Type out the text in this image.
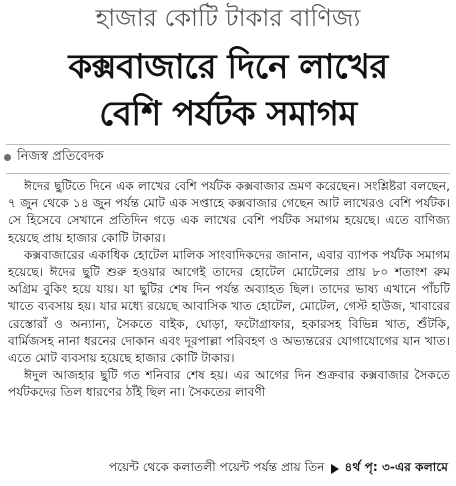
হাজার কোটি টাকার বাণিজ্য
কক্সবাজারে দিনে লাখের
বেশি পর্যটক সমাগম
নিজস্ব প্রতিবেদক

ঈদের ছুটিতে দিনে এক লাখের বেশি পর্যটক কক্সবাজার ভ্রমণ করেছেন। সংশ্লিষ্টরা বলছেন, ৭ জুন থেকে ১৪ জুন পর্যন্ত মোট এক সপ্তাহে কক্সবাজার গেছেন আট লাখেরও বেশি পর্যটক। সে হিসেবে সেখানে প্রতিদিন গড়ে এক লাখের বেশি পর্যটক সমাগম হয়েছে। এতে বাণিজ্য হয়েছে প্রায় হাজার কোটি টাকার।

কক্সবাজারের একাধিক হোটেল মালিক সাংবাদিকদের জানান, এবার ব্যাপক পর্যটক সমাগম হয়েছে। ঈদের ছুটি শুরু হওয়ার আগেই তাদের হোটেল মোটেলের প্রায় ৮০ শতাংশ রুম অগ্রিম বুকিং হয়ে যায়। যা ছুটির শেষ দিন পর্যন্ত অব্যাহত ছিল। তাদের ভাষ্য এখানে পাঁচটি খাতে ব্যবসায় হয়। যার মধ্যে রয়েছে আবাসিক খাত হোটেল, মোটেল, গেস্ট হাউজ, খাবারের রেস্তোরাঁ ও অন্যান্য, সৈকতে বাইক, ঘোড়া, ফটোগ্রাফার, হকারসহ বিভিন্ন খাত, শুঁটকি, বার্মিজসহ নানা ধরনের দোকান এবং দূরপাল্লা পরিবহণ ও অভ্যন্তরের যোগাযোগের যান খাত। এতে মোট ব্যবসায় হয়েছে হাজার কোটি টাকার।

ঈদুল আজহার ছুটি গত শনিবার শেষ হয়। এর আগের দিন শুক্রবার কক্সবাজার সৈকতে পর্যটকদের তিল ধারণের ঠাঁই ছিল না। সৈকতের লাবণী

পয়েন্ট থেকে কলাতলী পয়েন্ট পর্যন্ত প্রায় তিন ৪র্থ পৃ: ৩-এর কলামে
